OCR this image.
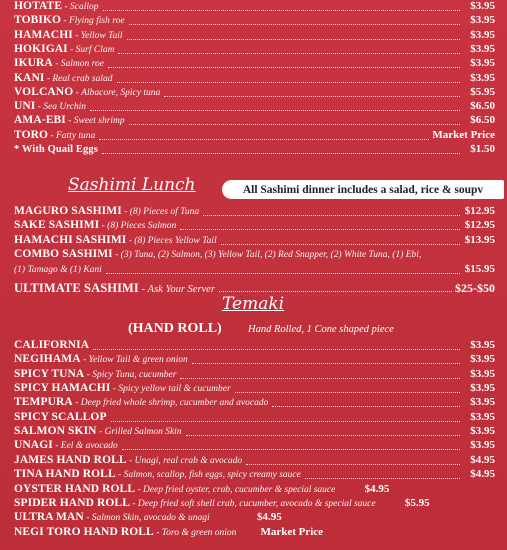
HOTATE - Scallop	$3.95
TOBIKO - Flying fish roe	$3.95
HAMACHI - Yellow Tail	$3.95
HOKIGAI - Surf Clam	$3.95
IKURA - Salmon roe	$3.95
KANI - Real crab salad	$3.95
VOLCANO - Albacore, Spicy tuna	$5.95
UNI - Sea Urchin	$6.50
AMA-EBI - Sweet shrimp	$6.50
TORO - Fatty tuna	Market Price
* With Quail Eggs	$1.50
Sashimi Lunch	All Sashimi dinner includes a salad, rice & soupv
MAGURO SASHIMI - (8) Pieces of Tuna	$12.95
SAKE SASHIMI - (8) Pieces Salmon	$12.95
HAMACHI SASHIMI - (8) Pieces Yellow Tail	$13.95
COMBO SASHIMI - (3) Tuna, (2) Salmon, (3) Yellow Tail, (2) Red Snapper, (2) White Tuna, (1) Ebi,
(1) Tamago & (1) Kani	$15.95
ULTIMATE SASHIMI - Ask Your Server	$25-$50
Temaki
(HAND ROLL)	Hand Rolled, 1 Cone shaped piece
CALIFORNIA	$3.95
NEGIHAMA - Yellow Tail & green onion	$3.95
SPICY TUNA - Spicy Tuna, cucumber	$3.95
SPICY HAMACHI - Spicy yellow tail & cucumber	$3.95
TEMPURA - Deep fried whole shrimp, cucumber and avocado	$3.95
SPICY SCALLOP	$3.95
SALMON SKIN - Grilled Salmon Skin	$3.95
UNAGI - Eel & avocado	$3.95
JAMES HAND ROLL - Unagi, real crab & avocado	$4.95
TINA HAND ROLL - Salmon, scallop, fish eggs, spicy creamy sauce	$4.95
OYSTER HAND ROLL - Deep fried oyster, crab, cucumber & special sauce	$4.95
SPIDER HAND ROLL - Deep fried soft shell crab, cucumber, avocado & special sauce	$5.95
ULTRA MAN - Salmon Skin, avocado & unagi	$4.95
NEGI TORO HAND ROLL - Toro & green onion Market Price
